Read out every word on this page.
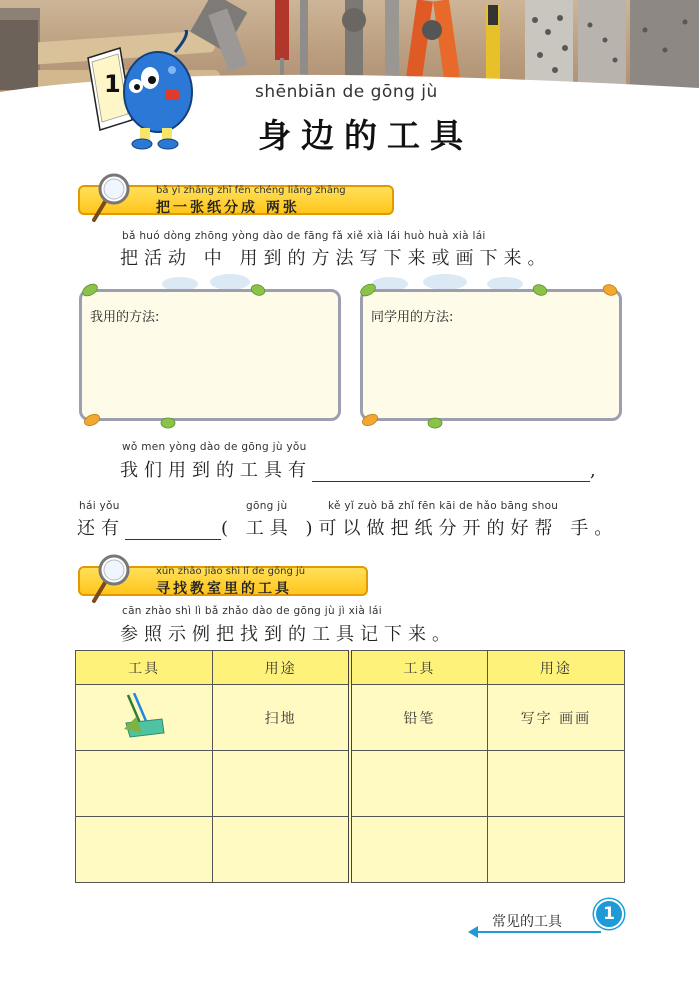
shēnbiān de gōng jù
身边的工具
1
bǎ yì zhāng zhǐ fēn chéng liǎng zhāng
把一张纸分成 两张
bǎ huó dòng zhōng yòng dào de fāng fǎ xiě xià lái huò huà xià lái
把活动 中 用到的方法写下来或画下来。
我用的方法:	同学用的方法:
wǒ men yòng dào de gōng jù yǒu
我们用到的工具有	,
hái yǒu	gōng jù	kě yǐ zuò bǎ zhǐ fēn kāi de hǎo bāng shou
还有	( 工具 )可以做把纸分开的好帮 手。
xún zhǎo jiào shì lǐ de gōng jù
寻找教室里的工具
cān zhào shì lì bǎ zhǎo dào de gōng jù jì xià lái
参照示例把找到的工具记下来。
工具	用途	工具	用途
	扫地	铅笔	写字 画画

常见的工具	1
